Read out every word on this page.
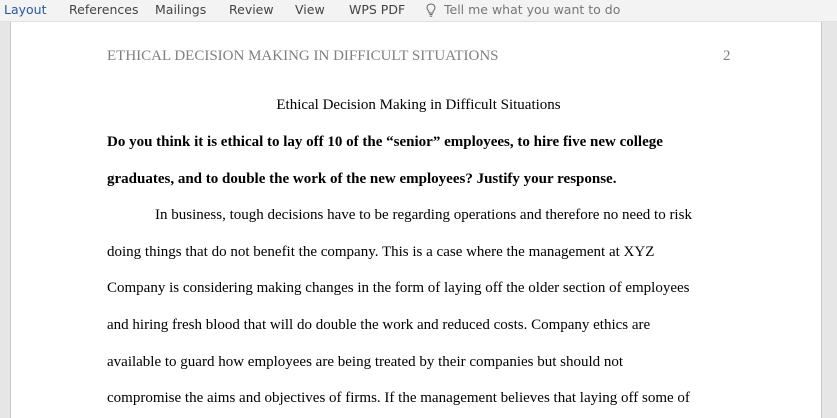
Layout References Mailings Review View WPS PDF	Tell me what you want to do
ETHICAL DECISION MAKING IN DIFFICULT SITUATIONS	2
Ethical Decision Making in Difficult Situations
Do you think it is ethical to lay off 10 of the “senior” employees, to hire five new college
graduates, and to double the work of the new employees? Justify your response.
In business, tough decisions have to be regarding operations and therefore no need to risk
doing things that do not benefit the company. This is a case where the management at XYZ
Company is considering making changes in the form of laying off the older section of employees
and hiring fresh blood that will do double the work and reduced costs. Company ethics are
available to guard how employees are being treated by their companies but should not
compromise the aims and objectives of firms. If the management believes that laying off some of
